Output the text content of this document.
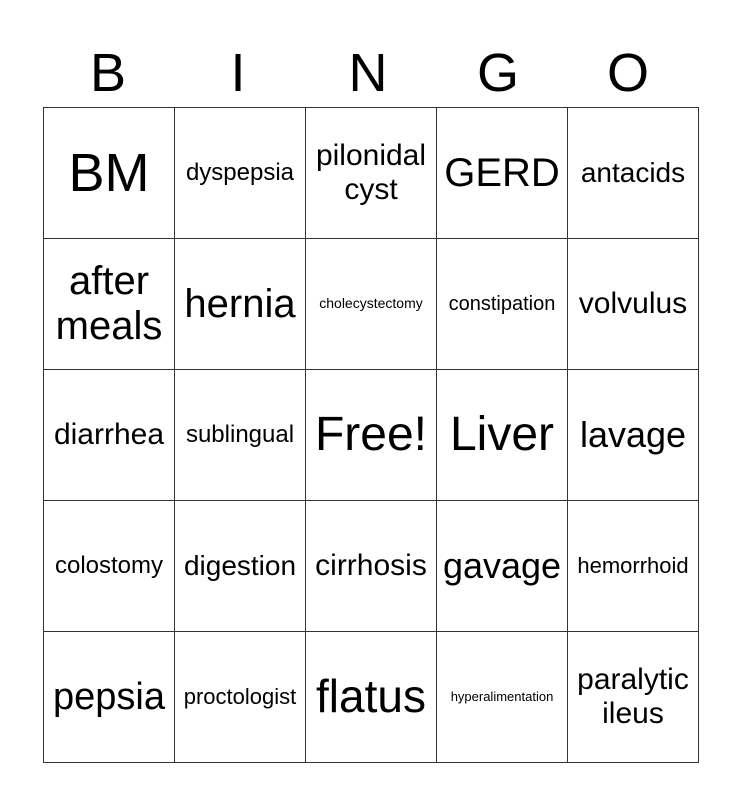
B	I	N	G	O
BM	dyspepsia	pilonidal cyst	GERD	antacids
after meals	hernia	cholecystectomy	constipation	volvulus
diarrhea	sublingual	Free!	Liver	lavage
colostomy	digestion	cirrhosis	gavage	hemorrhoid
pepsia	proctologist	flatus	hyperalimentation	paralytic ileus
